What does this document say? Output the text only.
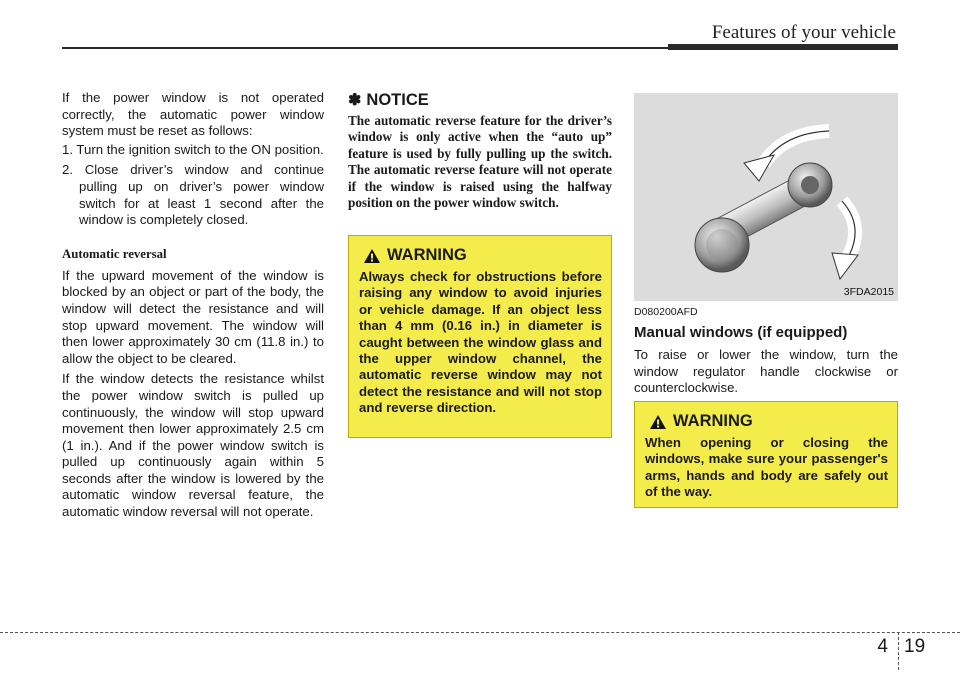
Features of your vehicle

If the power window is not operated correctly, the automatic power window system must be reset as follows:

1. Turn the ignition switch to the ON position.
2. Close driver’s window and continue pulling up on driver’s power window switch for at least 1 second after the window is completely closed.
Automatic reversal

If the upward movement of the window is blocked by an object or part of the body, the window will detect the resistance and will stop upward movement. The window will then lower approximately 30 cm (11.8 in.) to allow the object to be cleared.

If the window detects the resistance whilst the power window switch is pulled up continuously, the window will stop upward movement then lower approximately 2.5 cm (1 in.). And if the power window switch is pulled up continuously again within 5 seconds after the window is lowered by the automatic window reversal feature, the automatic window reversal will not operate.

✽ NOTICE

The automatic reverse feature for the driver’s window is only active when the “auto up” feature is used by fully pulling up the switch. The automatic reverse feature will not operate if the window is raised using the halfway position on the power window switch.

WARNING

Always check for obstructions before raising any window to avoid injuries or vehicle damage. If an object less than 4 mm (0.16 in.) in diameter is caught between the window glass and the upper window channel, the automatic reverse window may not detect the resistance and will not stop and reverse direction.

3FDA2015

D080200AFD

Manual windows (if equipped)

To raise or lower the window, turn the window regulator handle clockwise or counterclockwise.

WARNING

When opening or closing the windows, make sure your passenger's arms, hands and body are safely out of the way.

4 19
